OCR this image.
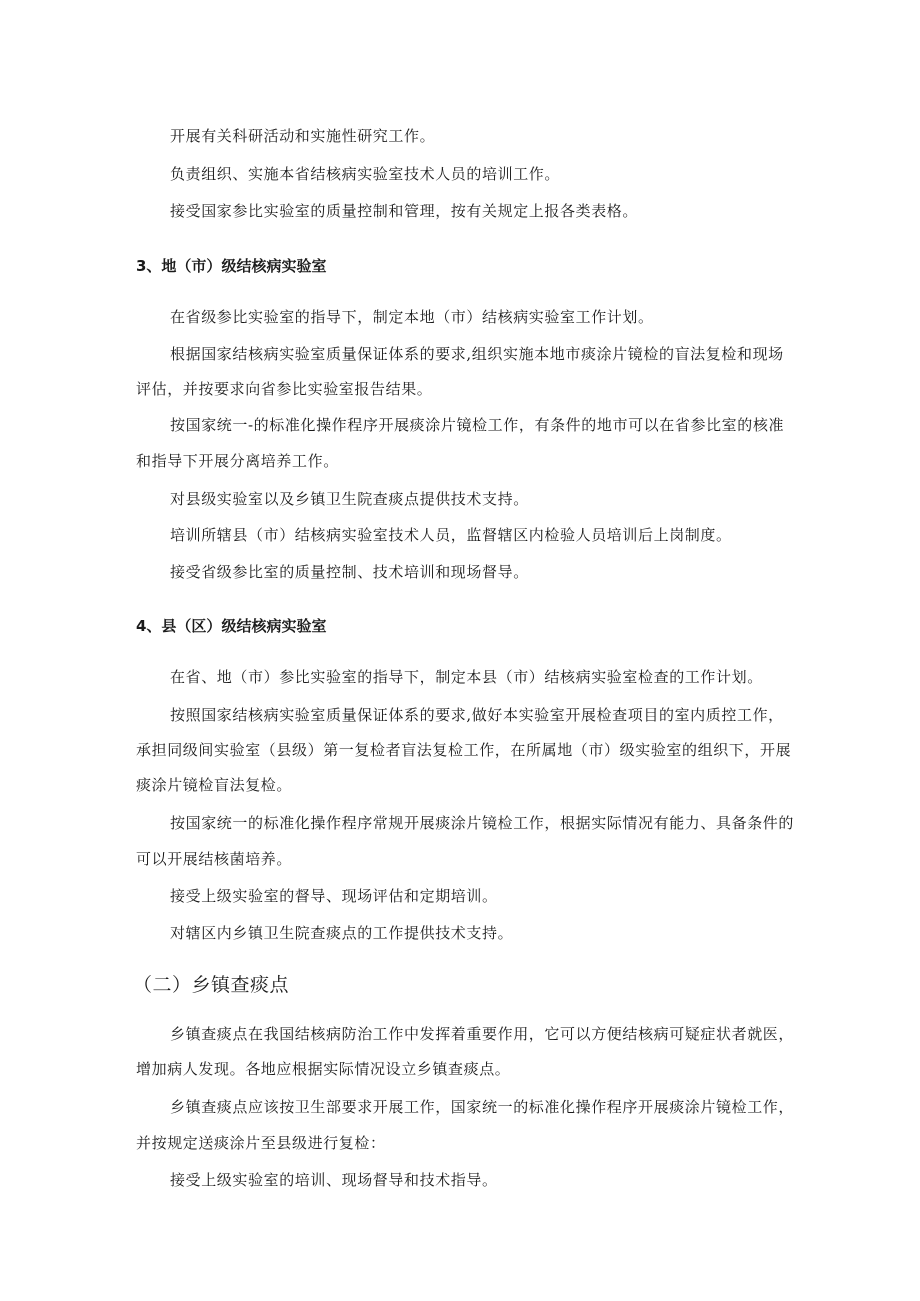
开展有关科研活动和实施性研究工作。
负责组织、实施本省结核病实验室技术人员的培训工作。
接受国家参比实验室的质量控制和管理，按有关规定上报各类表格。
3、地（市）级结核病实验室
在省级参比实验室的指导下，制定本地（市）结核病实验室工作计划。
根据国家结核病实验室质量保证体系的要求,组织实施本地市痰涂片镜检的盲法复检和现场
评估，并按要求向省参比实验室报告结果。
按国家统一-的标准化操作程序开展痰涂片镜检工作，有条件的地市可以在省参比室的核准
和指导下开展分离培养工作。
对县级实验室以及乡镇卫生院查痰点提供技术支持。
培训所辖县（市）结核病实验室技术人员，监督辖区内检验人员培训后上岗制度。
接受省级参比室的质量控制、技术培训和现场督导。
4、县（区）级结核病实验室
在省、地（市）参比实验室的指导下，制定本县（市）结核病实验室检查的工作计划。
按照国家结核病实验室质量保证体系的要求,做好本实验室开展检查项目的室内质控工作，
承担同级间实验室（县级）第一复检者盲法复检工作，在所属地（市）级实验室的组织下，开展
痰涂片镜检盲法复检。
按国家统一的标准化操作程序常规开展痰涂片镜检工作，根据实际情况有能力、具备条件的
可以开展结核菌培养。
接受上级实验室的督导、现场评估和定期培训。
对辖区内乡镇卫生院查痰点的工作提供技术支持。
（二）乡镇查痰点
乡镇查痰点在我国结核病防治工作中发挥着重要作用，它可以方便结核病可疑症状者就医，
增加病人发现。各地应根据实际情况设立乡镇查痰点。
乡镇查痰点应该按卫生部要求开展工作，国家统一的标准化操作程序开展痰涂片镜检工作，
并按规定送痰涂片至县级进行复检：
接受上级实验室的培训、现场督导和技术指导。
